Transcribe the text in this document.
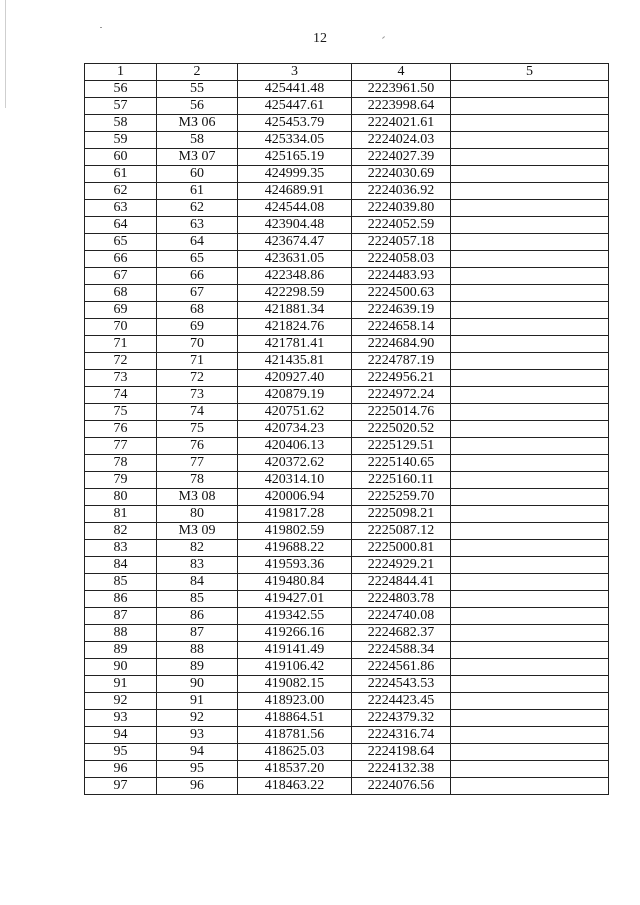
12
1	2	3	4	5
56	55	425441.48	2223961.50	
57	56	425447.61	2223998.64	
58	МЗ 06	425453.79	2224021.61	
59	58	425334.05	2224024.03	
60	МЗ 07	425165.19	2224027.39	
61	60	424999.35	2224030.69	
62	61	424689.91	2224036.92	
63	62	424544.08	2224039.80	
64	63	423904.48	2224052.59	
65	64	423674.47	2224057.18	
66	65	423631.05	2224058.03	
67	66	422348.86	2224483.93	
68	67	422298.59	2224500.63	
69	68	421881.34	2224639.19	
70	69	421824.76	2224658.14	
71	70	421781.41	2224684.90	
72	71	421435.81	2224787.19	
73	72	420927.40	2224956.21	
74	73	420879.19	2224972.24	
75	74	420751.62	2225014.76	
76	75	420734.23	2225020.52	
77	76	420406.13	2225129.51	
78	77	420372.62	2225140.65	
79	78	420314.10	2225160.11	
80	МЗ 08	420006.94	2225259.70	
81	80	419817.28	2225098.21	
82	МЗ 09	419802.59	2225087.12	
83	82	419688.22	2225000.81	
84	83	419593.36	2224929.21	
85	84	419480.84	2224844.41	
86	85	419427.01	2224803.78	
87	86	419342.55	2224740.08	
88	87	419266.16	2224682.37	
89	88	419141.49	2224588.34	
90	89	419106.42	2224561.86	
91	90	419082.15	2224543.53	
92	91	418923.00	2224423.45	
93	92	418864.51	2224379.32	
94	93	418781.56	2224316.74	
95	94	418625.03	2224198.64	
96	95	418537.20	2224132.38	
97	96	418463.22	2224076.56	
